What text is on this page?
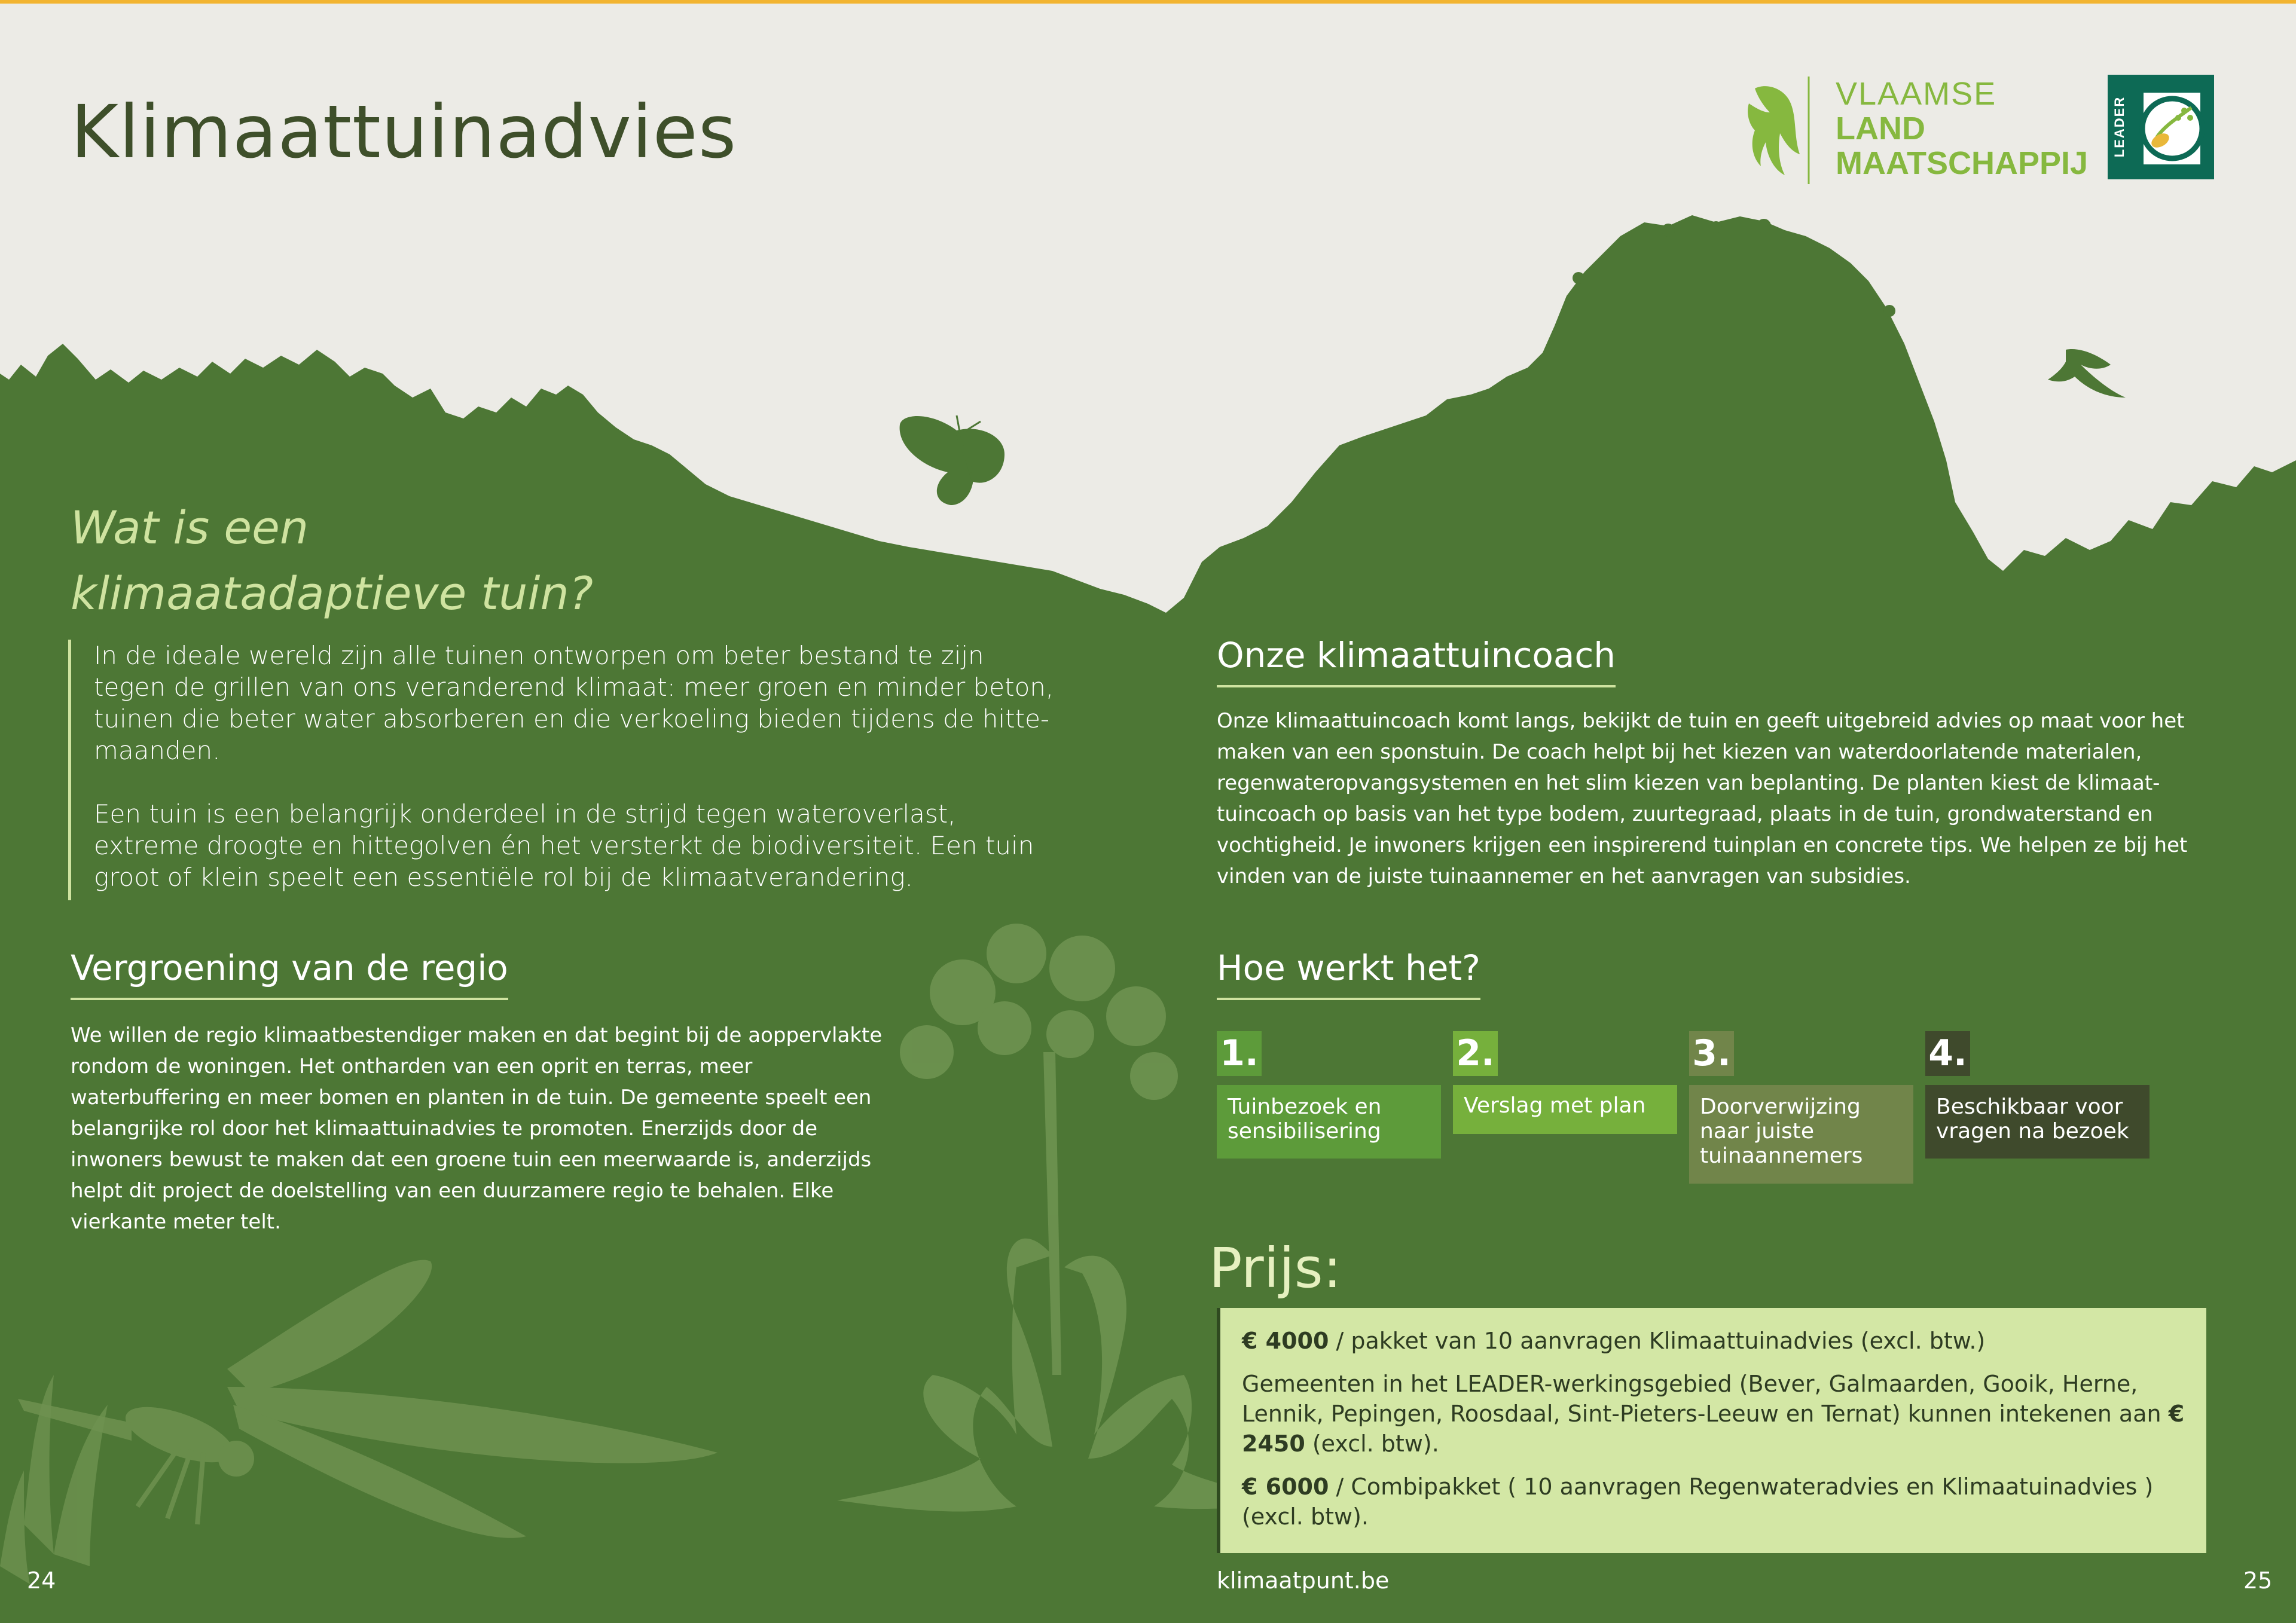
Klimaattuinadvies	VLAAMSE
LAND
MAATSCHAPPIJ
LEADER
Wat is een
klimaatadaptieve tuin?

In de ideale wereld zijn alle tuinen ontworpen om beter bestand te zijn tegen de grillen van ons veranderend klimaat: meer groen en minder beton, tuinen die beter water absorberen en die verkoeling bieden tijdens de hitte-maanden.

Een tuin is een belangrijk onderdeel in de strijd tegen wateroverlast, extreme droogte en hittegolven én het versterkt de biodiversiteit. Een tuin groot of klein speelt een essentiële rol bij de klimaatverandering.

Vergroening van de regio

We willen de regio klimaatbestendiger maken en dat begint bij de aoppervlakte rondom de woningen. Het ontharden van een oprit en terras, meer waterbuffering en meer bomen en planten in de tuin. De gemeente speelt een belangrijke rol door het klimaattuinadvies te promoten. Enerzijds door de inwoners bewust te maken dat een groene tuin een meerwaarde is, anderzijds helpt dit project de doelstelling van een duurzamere regio te behalen. Elke vierkante meter telt.

Onze klimaattuincoach

Onze klimaattuincoach komt langs, bekijkt de tuin en geeft uitgebreid advies op maat voor het maken van een sponstuin. De coach helpt bij het kiezen van waterdoorlatende materialen, regenwateropvangsystemen en het slim kiezen van beplanting. De planten kiest de klimaat-tuincoach op basis van het type bodem, zuurtegraad, plaats in de tuin, grondwaterstand en vochtigheid. Je inwoners krijgen een inspirerend tuinplan en concrete tips. We helpen ze bij het vinden van de juiste tuinaannemer en het aanvragen van subsidies.

Hoe werkt het?
1.
Tuinbezoek en sensibilisering
2.
Verslag met plan
3.
Doorverwijzing naar juiste tuinaannemers
4.
Beschikbaar voor vragen na bezoek
Prijs:

€ 4000 / pakket van 10 aanvragen Klimaattuinadvies (excl. btw.)

Gemeenten in het LEADER-werkingsgebied (Bever, Galmaarden, Gooik, Herne, Lennik, Pepingen, Roosdaal, Sint-Pieters-Leeuw en Ternat) kunnen intekenen aan € 2450 (excl. btw).

€ 6000 / Combipakket ( 10 aanvragen Regenwateradvies en Klimaatuinadvies ) (excl. btw).

24	klimaatpunt.be	25
